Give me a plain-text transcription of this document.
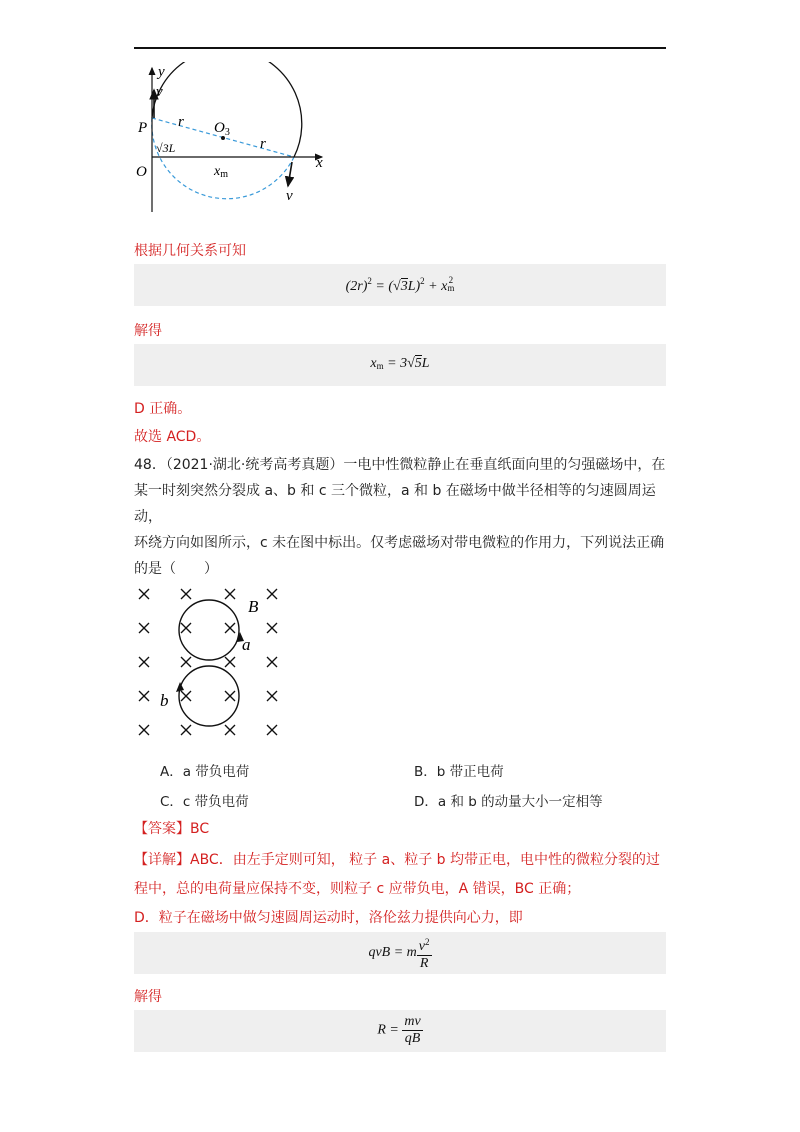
y
v
P r $O_3$
r
√3L
x
O	xm
v
根据几何关系可知
$(2r)^2 = (√3L)^2 + x$ 2
m
解得
$x_m = 3√5L$
D 正确。
故选 ACD。
48．（2021·湖北·统考高考真题）一电中性微粒静止在垂直纸面向里的匀强磁场中，在
某一时刻突然分裂成 a、b 和 c 三个微粒，a 和 b 在磁场中做半径相等的匀速圆周运动，
环绕方向如图所示，c 未在图中标出。仅考虑磁场对带电微粒的作用力，下列说法正确
的是（　　）
B
a
b
A．a 带负电荷	B．b 带正电荷
C．c 带负电荷	D．a 和 b 的动量大小一定相等
【答案】BC
【详解】ABC．由左手定则可知， 粒子 a、粒子 b 均带正电，电中性的微粒分裂的过
程中，总的电荷量应保持不变，则粒子 c 应带负电，A 错误，BC 正确；
D．粒子在磁场中做匀速圆周运动时，洛伦兹力提供向心力，即
qvB = m $\frac{v^2}{R}$
解得
$R = \frac{mv}{qB}$
